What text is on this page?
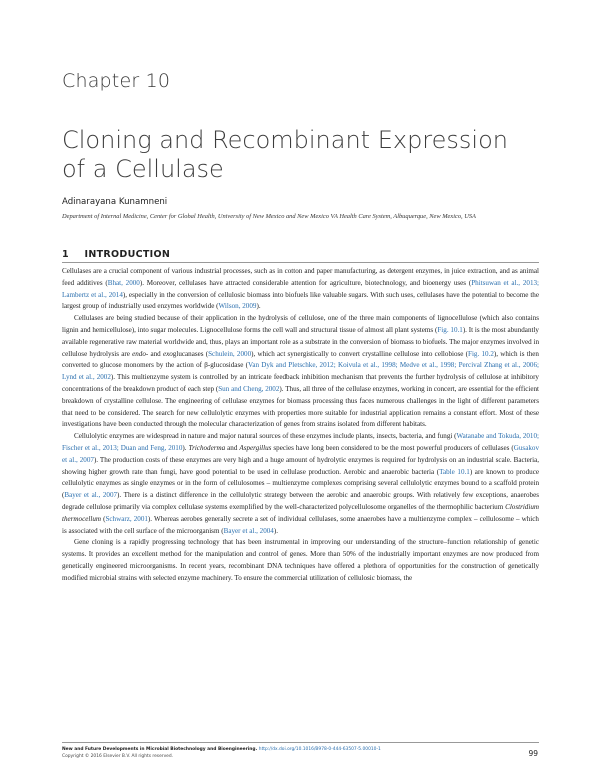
Chapter 10
Cloning and Recombinant Expression
of a Cellulase
Adinarayana Kunamneni
Department of Internal Medicine, Center for Global Health, University of New Mexico and New Mexico VA Health Care System, Albuquerque, New Mexico, USA
1 INTRODUCTION

Cellulases are a crucial component of various industrial processes, such as in cotton and paper manufacturing, as detergent enzymes, in juice extraction, and as animal feed additives (Bhat, 2000). Moreover, cellulases have attracted considerable attention for agriculture, biotechnology, and bioenergy uses (Phitsuwan et al., 2013; Lambertz et al., 2014), especially in the conversion of cellulosic biomass into biofuels like valuable sugars. With such uses, cellulases have the potential to become the largest group of industrially used enzymes worldwide (Wilson, 2009).

Cellulases are being studied because of their application in the hydrolysis of cellulose, one of the three main components of lignocellulose (which also contains lignin and hemicellulose), into sugar molecules. Lignocellulose forms the cell wall and structural tissue of almost all plant systems (Fig. 10.1). It is the most abundantly available regenerative raw material worldwide and, thus, plays an important role as a substrate in the conversion of biomass to biofuels. The major enzymes involved in cellulose hydrolysis are endo- and exoglucanases (Schulein, 2000), which act synergistically to convert crystalline cellulose into cellobiose (Fig. 10.2), which is then converted to glucose monomers by the action of β-glucosidase (Van Dyk and Pletschke, 2012; Koivula et al., 1998; Medve et al., 1998; Percival Zhang et al., 2006; Lynd et al., 2002). This multienzyme system is controlled by an intricate feedback inhibition mechanism that prevents the further hydrolysis of cellulose at inhibitory concentrations of the breakdown product of each step (Sun and Cheng, 2002). Thus, all three of the cellulase enzymes, working in concert, are essential for the efficient breakdown of crystalline cellulose. The engineering of cellulase enzymes for biomass processing thus faces numerous challenges in the light of different parameters that need to be considered. The search for new cellulolytic enzymes with properties more suitable for industrial application remains a constant effort. Most of these investigations have been conducted through the molecular characterization of genes from strains isolated from different habitats.

Cellulolytic enzymes are widespread in nature and major natural sources of these enzymes include plants, insects, bacteria, and fungi (Watanabe and Tokuda, 2010; Fischer et al., 2013; Duan and Feng, 2010). Trichoderma and Aspergillus species have long been considered to be the most powerful producers of cellulases (Gusakov et al., 2007). The production costs of these enzymes are very high and a huge amount of hydrolytic enzymes is required for hydrolysis on an industrial scale. Bacteria, showing higher growth rate than fungi, have good potential to be used in cellulase production. Aerobic and anaerobic bacteria (Table 10.1) are known to produce cellulolytic enzymes as single enzymes or in the form of cellulosomes – multienzyme complexes comprising several cellulolytic enzymes bound to a scaffold protein (Bayer et al., 2007). There is a distinct difference in the cellulolytic strategy between the aerobic and anaerobic groups. With relatively few exceptions, anaerobes degrade cellulose primarily via complex cellulase systems exemplified by the well-characterized polycellulosome organelles of the thermophilic bacterium Clostridium thermocellum (Schwarz, 2001). Whereas aerobes generally secrete a set of individual cellulases, some anaerobes have a multienzyme complex – cellulosome – which is associated with the cell surface of the microorganism (Bayer et al., 2004).

Gene cloning is a rapidly progressing technology that has been instrumental in improving our understanding of the structure–function relationship of genetic systems. It provides an excellent method for the manipulation and control of genes. More than 50% of the industrially important enzymes are now produced from genetically engineered microorganisms. In recent years, recombinant DNA techniques have offered a plethora of opportunities for the construction of genetically modified microbial strains with selected enzyme machinery. To ensure the commercial utilization of cellulosic biomass, the

New and Future Developments in Microbial Biotechnology and Bioengineering. http://dx.doi.org/10.1016/B978-0-444-63507-5.00010-1
Copyright © 2016 Elsevier B.V. All rights reserved.	99
